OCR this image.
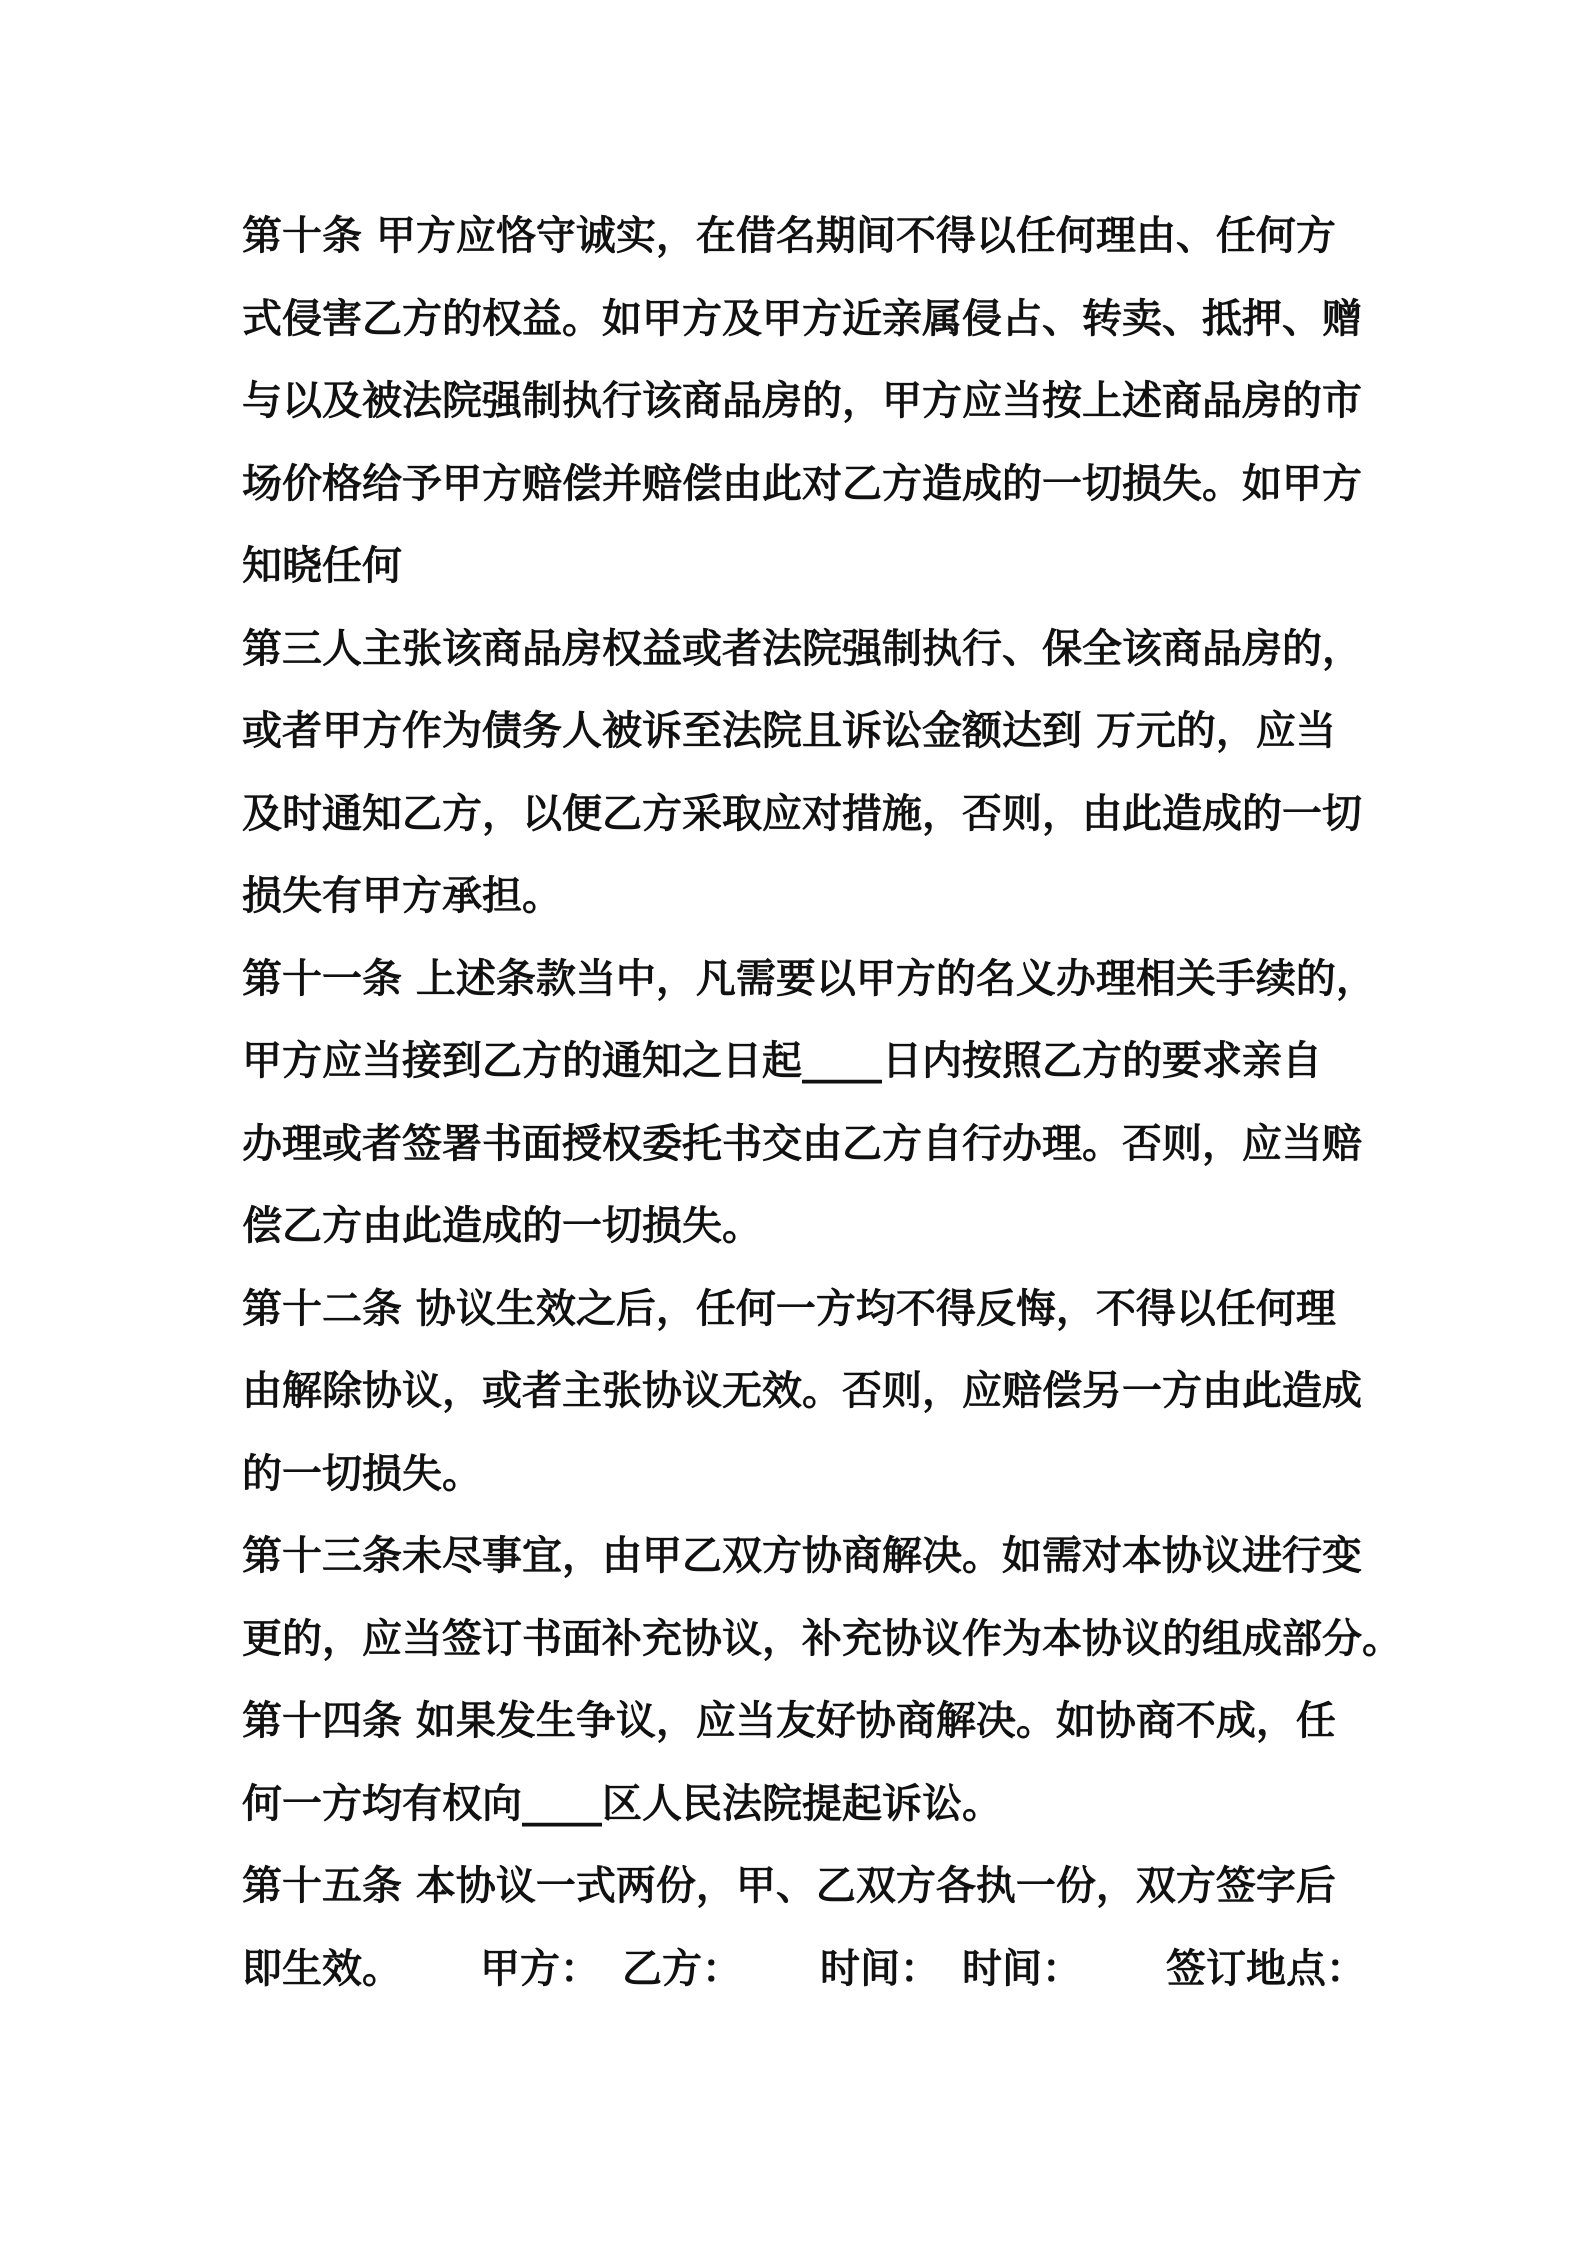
第十条 甲方应恪守诚实，在借名期间不得以任何理由、任何方
式侵害乙方的权益。如甲方及甲方近亲属侵占、转卖、抵押、赠
与以及被法院强制执行该商品房的，甲方应当按上述商品房的市
场价格给予甲方赔偿并赔偿由此对乙方造成的一切损失。如甲方
知晓任何
第三人主张该商品房权益或者法院强制执行、保全该商品房的，
或者甲方作为债务人被诉至法院且诉讼金额达到 万元的，应当
及时通知乙方，以便乙方采取应对措施，否则，由此造成的一切
损失有甲方承担。
第十一条 上述条款当中，凡需要以甲方的名义办理相关手续的，
甲方应当接到乙方的通知之日起____日内按照乙方的要求亲自
办理或者签署书面授权委托书交由乙方自行办理。否则，应当赔
偿乙方由此造成的一切损失。
第十二条 协议生效之后，任何一方均不得反悔，不得以任何理
由解除协议，或者主张协议无效。否则，应赔偿另一方由此造成
的一切损失。
第十三条未尽事宜，由甲乙双方协商解决。如需对本协议进行变
更的，应当签订书面补充协议，补充协议作为本协议的组成部分。
第十四条 如果发生争议，应当友好协商解决。如协商不成，任
何一方均有权向____区人民法院提起诉讼。
第十五条 本协议一式两份，甲、乙双方各执一份，双方签字后
即生效。 甲方： 乙方： 时间： 时间： 签订地点：
